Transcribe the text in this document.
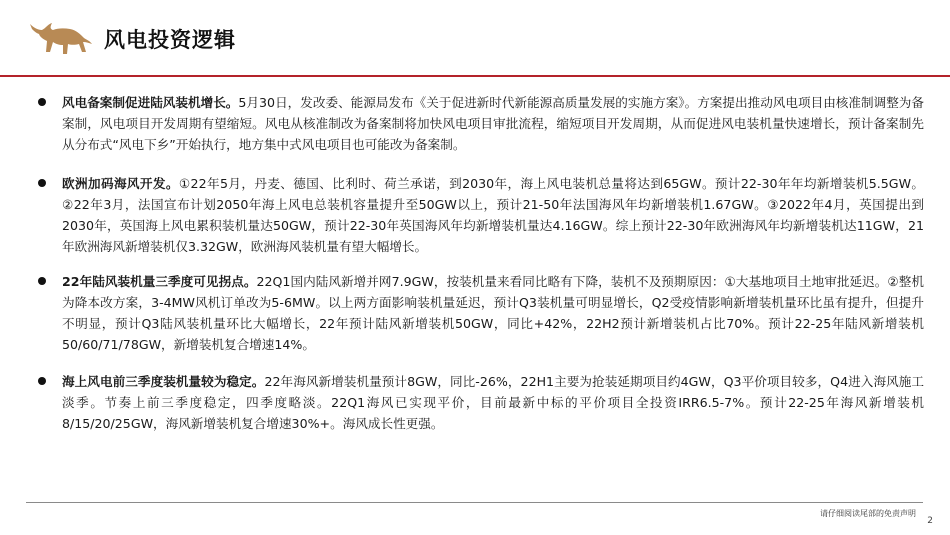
风电投资逻辑
风电备案制促进陆风装机增长。5月30日，发改委、能源局发布《关于促进新时代新能源高质量发展的实施方案》。方案提出推动风电项目由核准制调整为备案制，风电项目开发周期有望缩短。风电从核准制改为备案制将加快风电项目审批流程，缩短项目开发周期，从而促进风电装机量快速增长，预计备案制先从分布式“风电下乡”开始执行，地方集中式风电项目也可能改为备案制。
欧洲加码海风开发。①22年5月，丹麦、德国、比利时、荷兰承诺，到2030年，海上风电装机总量将达到65GW。预计22-30年年均新增装机5.5GW。②22年3月，法国宣布计划2050年海上风电总装机容量提升至50GW以上，预计21-50年法国海风年均新增装机1.67GW。③2022年4月，英国提出到2030年，英国海上风电累积装机量达50GW，预计22-30年英国海风年均新增装机量达4.16GW。综上预计22-30年欧洲海风年均新增装机达11GW，21年欧洲海风新增装机仅3.32GW，欧洲海风装机量有望大幅增长。
22年陆风装机量三季度可见拐点。22Q1国内陆风新增并网7.9GW，按装机量来看同比略有下降，装机不及预期原因：①大基地项目土地审批延迟。②整机为降本改方案，3-4MW风机订单改为5-6MW。以上两方面影响装机量延迟，预计Q3装机量可明显增长，Q2受疫情影响新增装机量环比虽有提升，但提升不明显，预计Q3陆风装机量环比大幅增长，22年预计陆风新增装机50GW，同比+42%，22H2预计新增装机占比70%。预计22-25年陆风新增装机50/60/71/78GW，新增装机复合增速14%。
海上风电前三季度装机量较为稳定。22年海风新增装机量预计8GW，同比-26%，22H1主要为抢装延期项目约4GW，Q3平价项目较多，Q4进入海风施工淡季。节奏上前三季度稳定，四季度略淡。22Q1海风已实现平价，目前最新中标的平价项目全投资IRR6.5-7%。预计22-25年海风新增装机8/15/20/25GW，海风新增装机复合增速30%+。海风成长性更强。
请仔细阅读尾部的免责声明
2
